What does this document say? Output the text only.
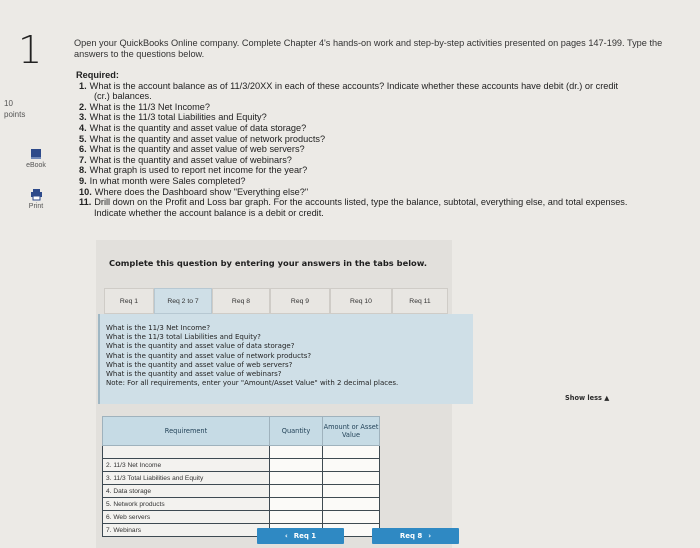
1
10
points
eBook
Print
Open your QuickBooks Online company. Complete Chapter 4's hands-on work and step-by-step activities presented on pages 147-199. Type the answers to the questions below.
Required:
1. What is the account balance as of 11/3/20XX in each of these accounts? Indicate whether these accounts have debit (dr.) or credit
(cr.) balances.
2. What is the 11/3 Net Income?
3. What is the 11/3 total Liabilities and Equity?
4. What is the quantity and asset value of data storage?
5. What is the quantity and asset value of network products?
6. What is the quantity and asset value of web servers?
7. What is the quantity and asset value of webinars?
8. What graph is used to report net income for the year?
9. In what month were Sales completed?
10. Where does the Dashboard show "Everything else?"
11. Drill down on the Profit and Loss bar graph. For the accounts listed, type the balance, subtotal, everything else, and total expenses.
Indicate whether the account balance is a debit or credit.
Complete this question by entering your answers in the tabs below.
Req 1	Req 2 to 7	Req 8	Req 9	Req 10	Req 11
What is the 11/3 Net Income?
What is the 11/3 total Liabilities and Equity?
What is the quantity and asset value of data storage?
What is the quantity and asset value of network products?
What is the quantity and asset value of web servers?
What is the quantity and asset value of webinars?
Note: For all requirements, enter your "Amount/Asset Value" with 2 decimal places.
Show less ▲
Requirement	Quantity	Amount or Asset Value

2. 11/3 Net Income		
3. 11/3 Total Liabilities and Equity		
4. Data storage		
5. Network products		
6. Web servers		
7. Webinars		
‹ Req 1	Req 8 ›
